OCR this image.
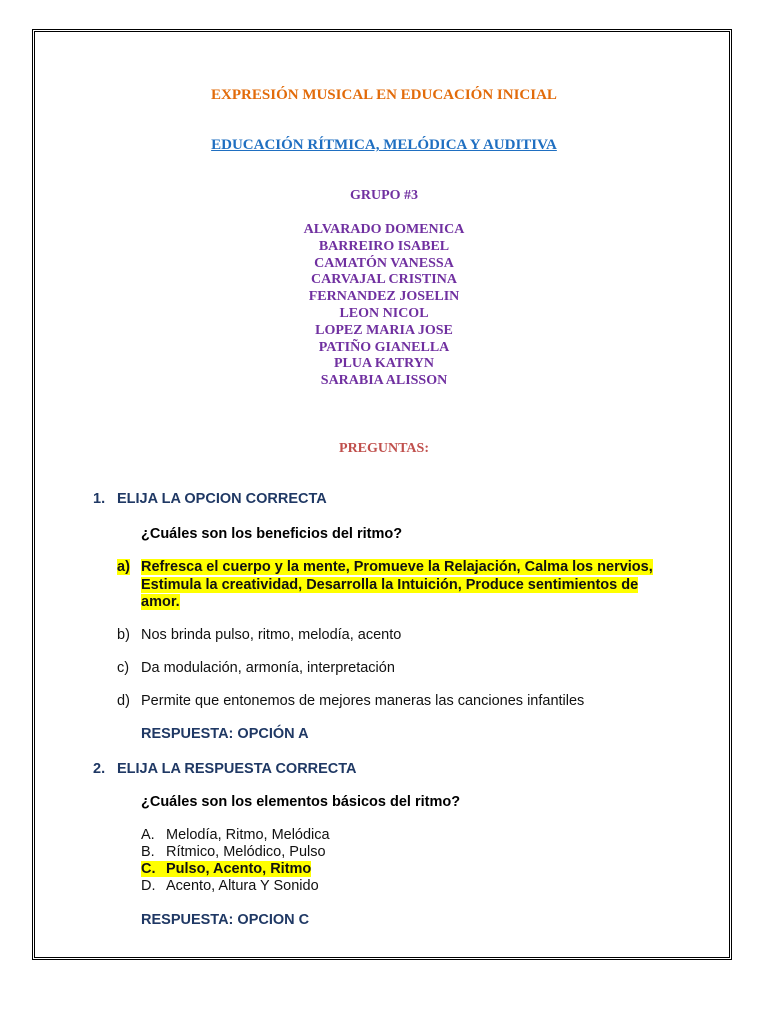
EXPRESIÓN MUSICAL EN EDUCACIÓN INICIAL
EDUCACIÓN RÍTMICA, MELÓDICA Y AUDITIVA
GRUPO #3
ALVARADO DOMENICA
BARREIRO ISABEL
CAMATÓN VANESSA
CARVAJAL CRISTINA
FERNANDEZ JOSELIN
LEON NICOL
LOPEZ MARIA JOSE
PATIÑO GIANELLA
PLUA KATRYN
SARABIA ALISSON
PREGUNTAS:
1. ELIJA LA OPCION CORRECTA
¿Cuáles son los beneficios del ritmo?
a) Refresca el cuerpo y la mente, Promueve la Relajación, Calma los nervios, Estimula la creatividad, Desarrolla la Intuición, Produce sentimientos de amor.
b) Nos brinda pulso, ritmo, melodía, acento
c) Da modulación, armonía, interpretación
d) Permite que entonemos de mejores maneras las canciones infantiles
RESPUESTA: OPCIÓN A
2. ELIJA LA RESPUESTA CORRECTA
¿Cuáles son los elementos básicos del ritmo?
A. Melodía, Ritmo, Melódica
B. Rítmico, Melódico, Pulso
C. Pulso, Acento, Ritmo
D. Acento, Altura Y Sonido
RESPUESTA: OPCION C
